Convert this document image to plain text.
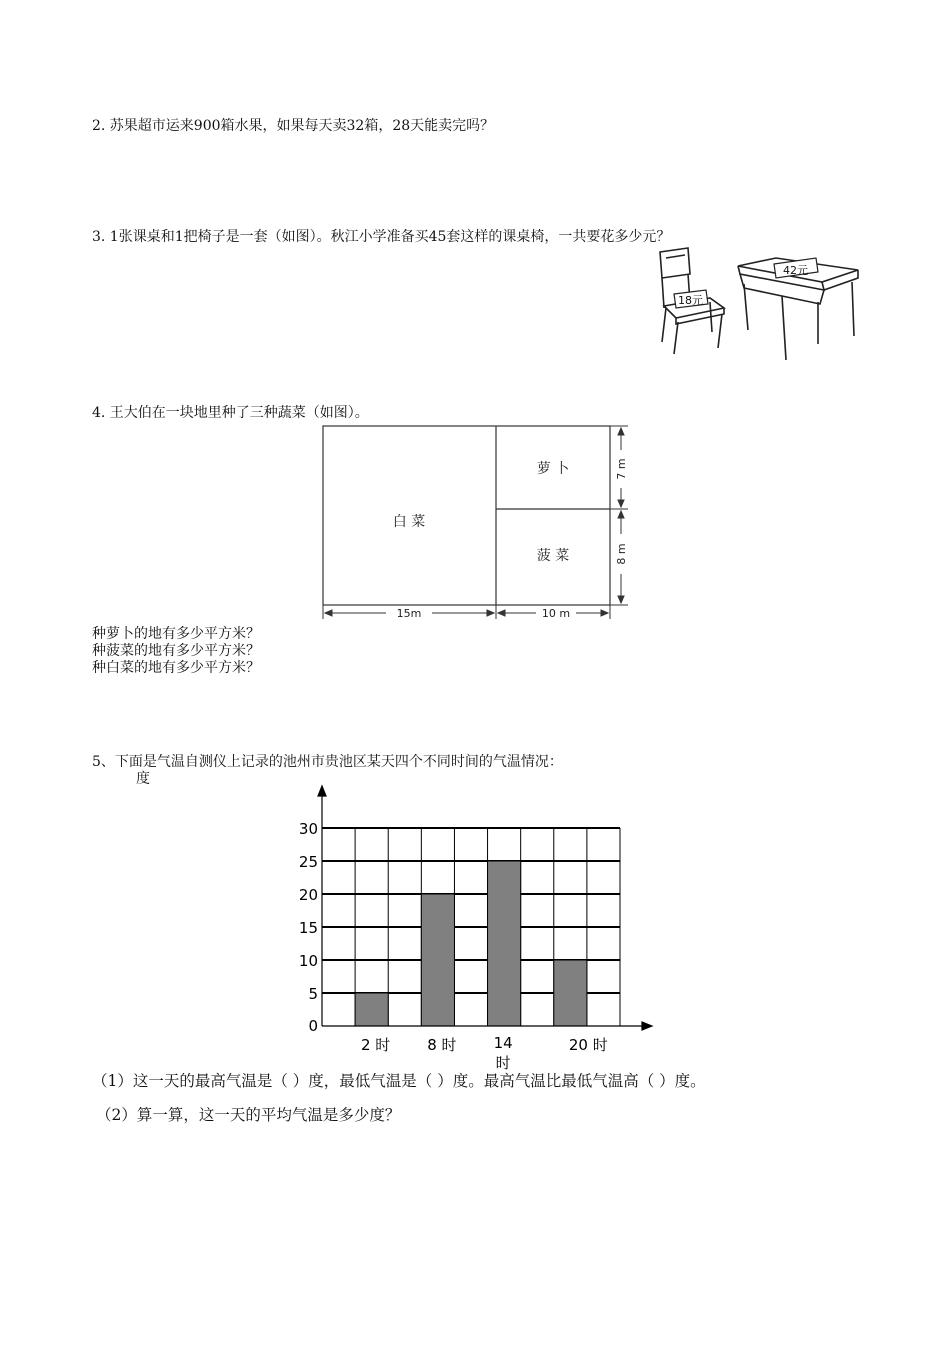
2. 苏果超市运来900箱水果，如果每天卖32箱，28天能卖完吗？
3. 1张课桌和1把椅子是一套（如图）。秋江小学准备买45套这样的课桌椅，一共要花多少元？
18元
42元
4. 王大伯在一块地里种了三种蔬菜（如图）。
白 菜
萝 卜
菠 菜
15m	10 m
7 m
8 m
种萝卜的地有多少平方米？
种菠菜的地有多少平方米？
种白菜的地有多少平方米？
5、下面是气温自测仪上记录的池州市贵池区某天四个不同时间的气温情况：
度
0
5
10
15
20
25
30
2 时 8 时 14
时
20 时
（1）这一天的最高气温是（ ）度，最低气温是（ ）度。最高气温比最低气温高（ ）度。
（2）算一算，这一天的平均气温是多少度？
